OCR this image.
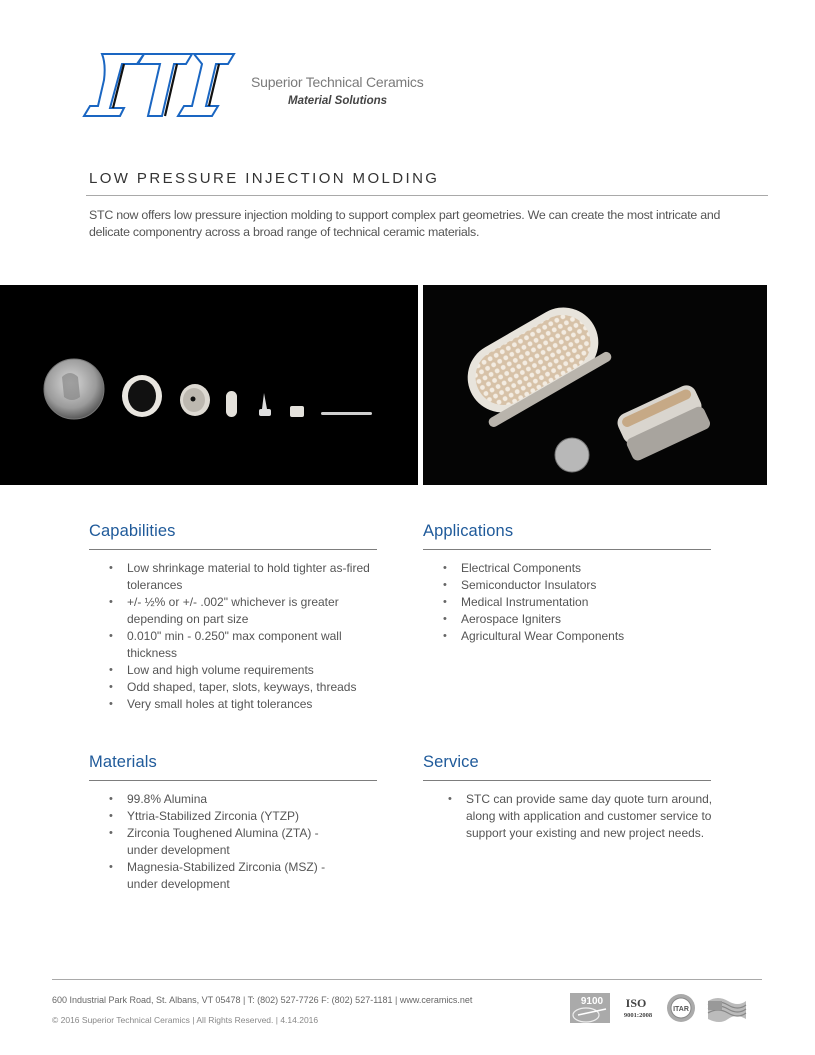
Superior Technical Ceramics
Material Solutions
LOW PRESSURE INJECTION MOLDING

STC now offers low pressure injection molding to support complex part geometries. We can create the most intricate and delicate componentry across a broad range of technical ceramic materials.

Capabilities
• Low shrinkage material to hold tighter as-fired tolerances
• +/- ½% or +/- .002" whichever is greater depending on part size
• 0.010" min - 0.250" max component wall thickness
• Low and high volume requirements
• Odd shaped, taper, slots, keyways, threads
• Very small holes at tight tolerances
Applications
• Electrical Components
• Semiconductor Insulators
• Medical Instrumentation
• Aerospace Igniters
• Agricultural Wear Components
Materials
• 99.8% Alumina
• Yttria-Stabilized Zirconia (YTZP)
• Zirconia Toughened Alumina (ZTA) - under development
• Magnesia-Stabilized Zirconia (MSZ) - under development
Service
• STC can provide same day quote turn around, along with application and customer service to support your existing and new project needs.
600 Industrial Park Road, St. Albans, VT 05478 | T: (802) 527-7726 F: (802) 527-1181 | www.ceramics.net
© 2016 Superior Technical Ceramics | All Rights Reserved. | 4.14.2016
9100 ISO
9001:2008
ITAR
